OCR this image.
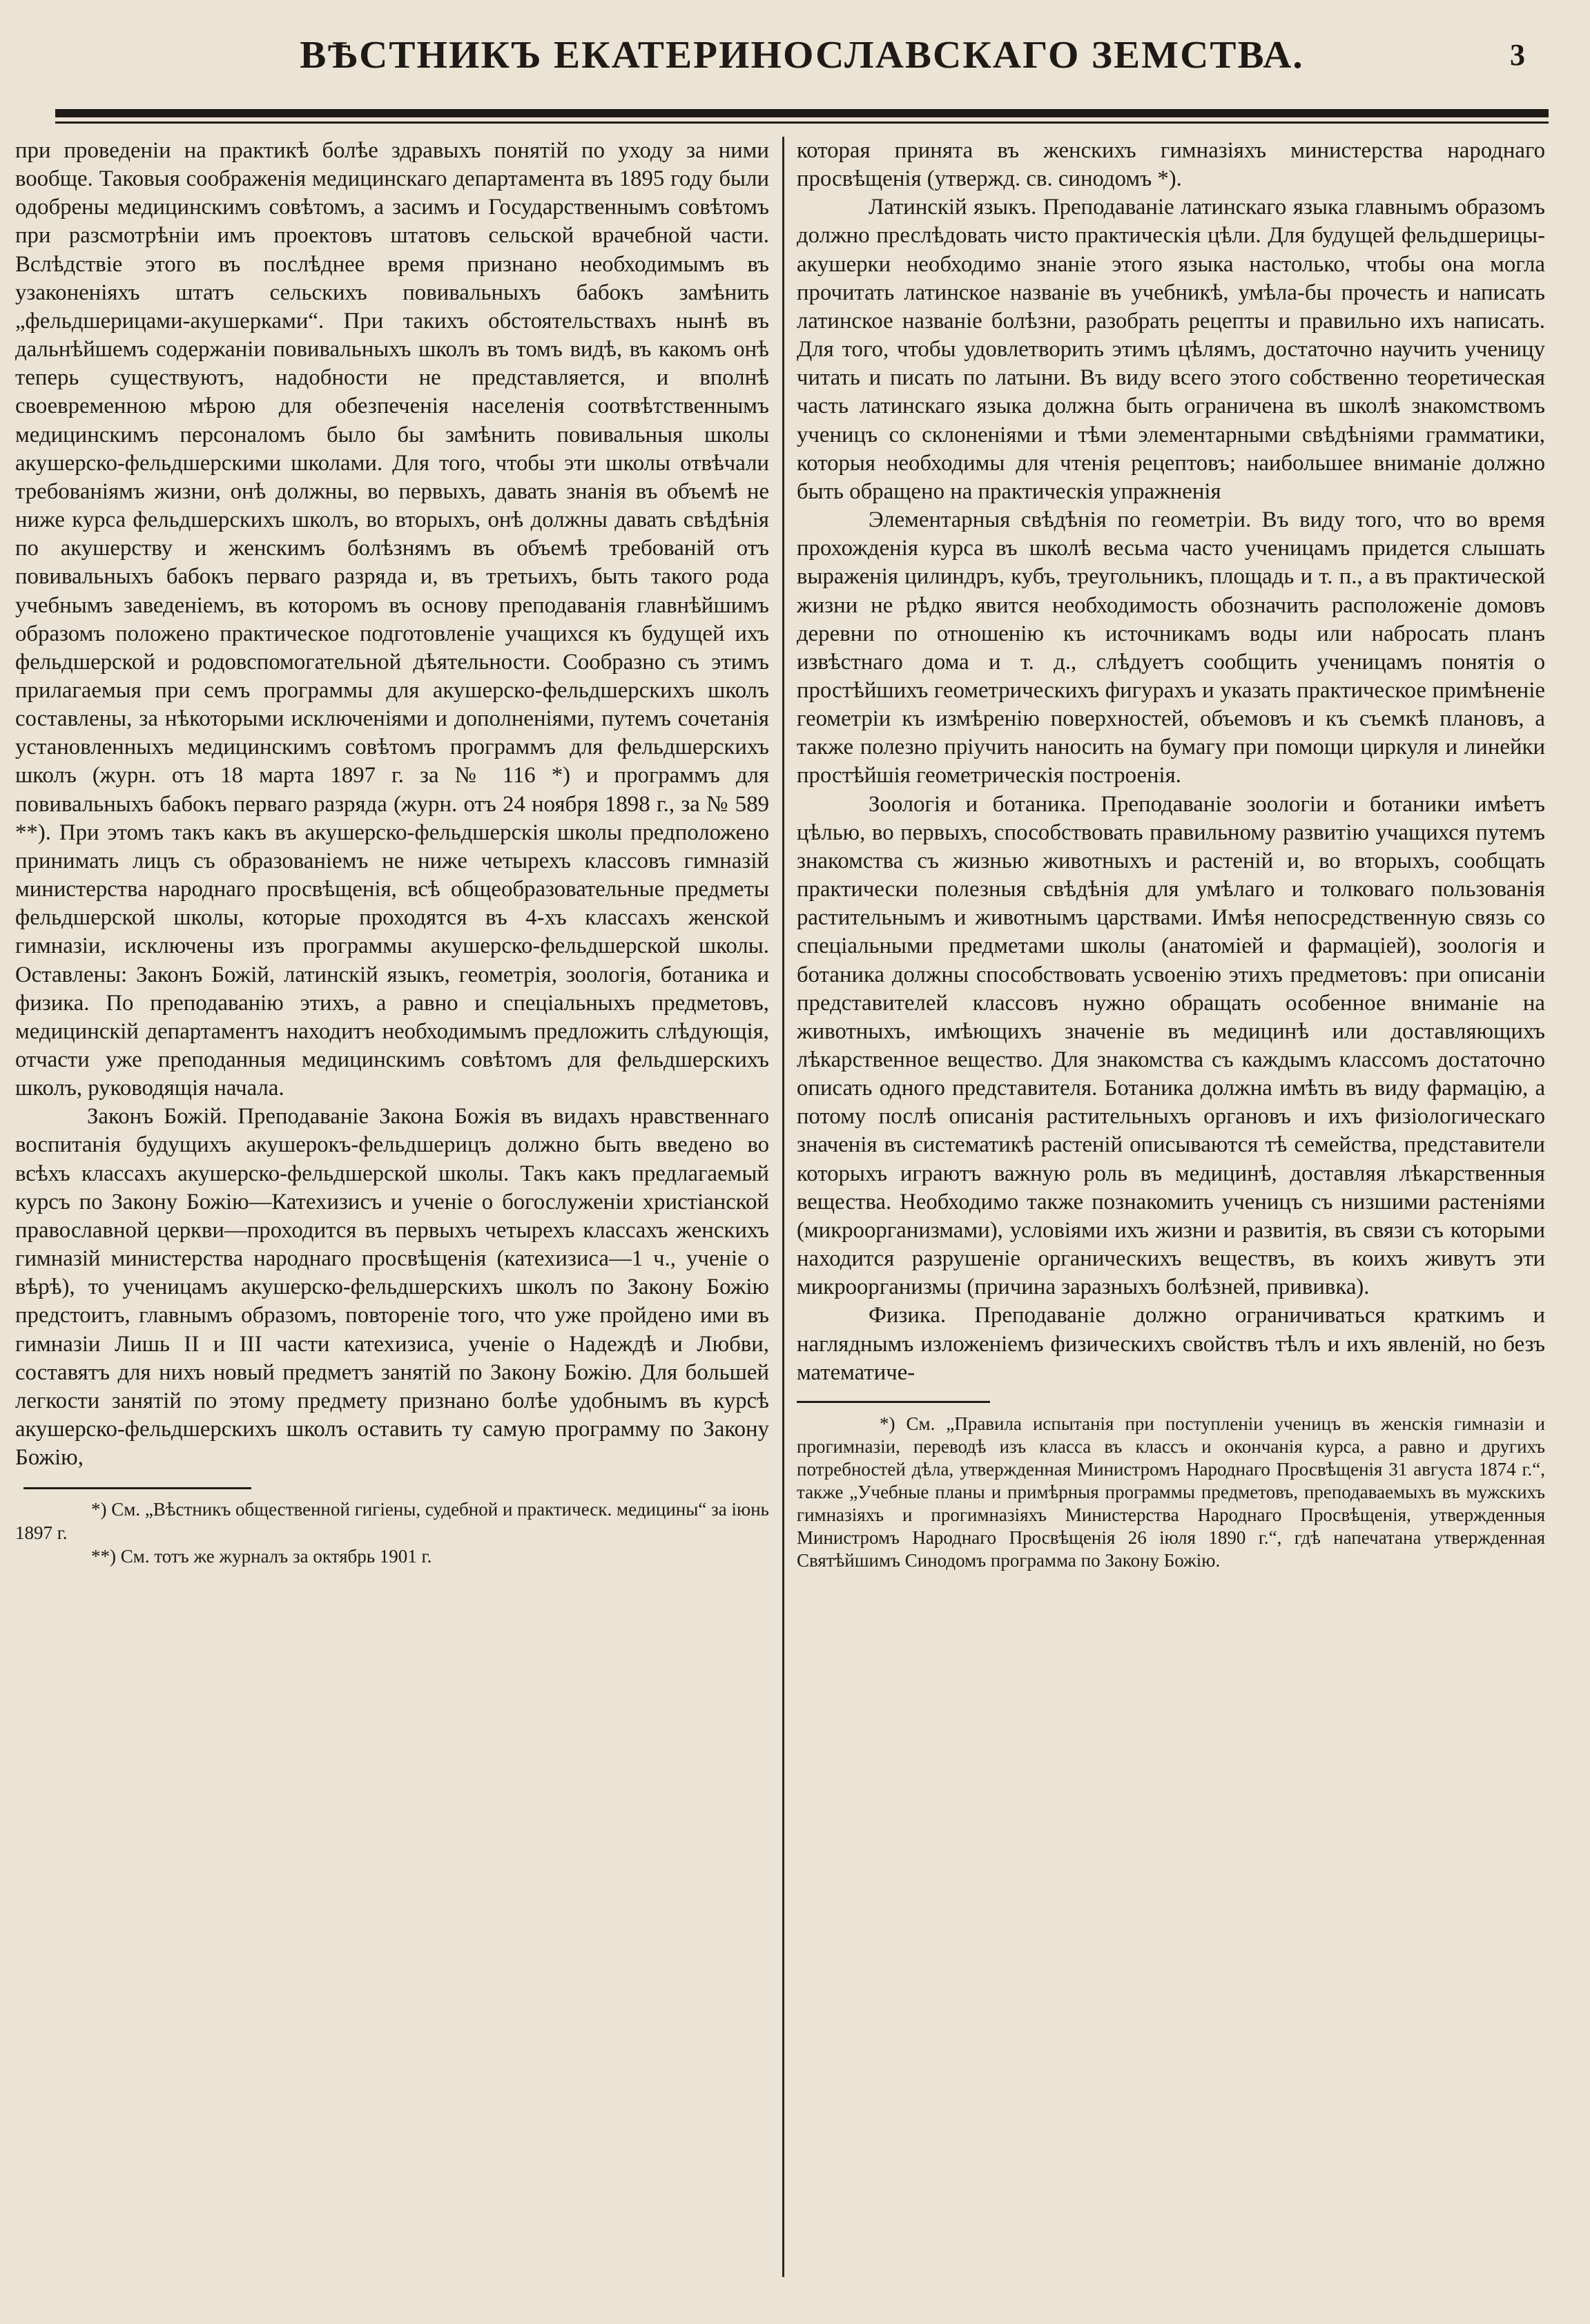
ВѢСТНИКЪ ЕКАТЕРИНОСЛАВСКАГО ЗЕМСТВА.	3

при проведенiи на практикѣ болѣе здравыхъ понятiй по уходу за ними вообще. Таковыя соображенiя медицинскаго департамента въ 1895 году были одобрены медицинскимъ совѣтомъ, а засимъ и Государственнымъ совѣтомъ при разсмотрѣнiи имъ проектовъ штатовъ сельской врачебной части. Вслѣдствiе этого въ послѣднее время признано необходимымъ въ узаконенiяхъ штатъ сельскихъ повивальныхъ бабокъ замѣнить „фельдшерицами-акушерками“. При такихъ обстоятельствахъ нынѣ въ дальнѣйшемъ содержанiи повивальныхъ школъ въ томъ видѣ, въ какомъ онѣ теперь существуютъ, надобности не представляется, и вполнѣ своевременною мѣрою для обезпеченiя населенiя соотвѣтственнымъ медицинскимъ персоналомъ было бы замѣнить повивальныя школы акушерско-фельдшерскими школами. Для того, чтобы эти школы отвѣчали требованiямъ жизни, онѣ должны, во первыхъ, давать знанiя въ объемѣ не ниже курса фельдшерскихъ школъ, во вторыхъ, онѣ должны давать свѣдѣнiя по акушерству и женскимъ болѣзнямъ въ объемѣ требованiй отъ повивальныхъ бабокъ перваго разряда и, въ третьихъ, быть такого рода учебнымъ заведенiемъ, въ которомъ въ основу преподаванiя главнѣйшимъ образомъ положено практическое подготовленiе учащихся къ будущей ихъ фельдшерской и родовспомогательной дѣятельности. Сообразно съ этимъ прилагаемыя при семъ программы для акушерско-фельдшерскихъ школъ составлены, за нѣкоторыми исключенiями и дополненiями, путемъ сочетанiя установленныхъ медицинскимъ совѣтомъ программъ для фельдшерскихъ школъ (журн. отъ 18 марта 1897 г. за № 116 *) и программъ для повивальныхъ бабокъ перваго разряда (журн. отъ 24 ноября 1898 г., за № 589 **). При этомъ такъ какъ въ акушерско-фельдшерскiя школы предположено принимать лицъ съ образованiемъ не ниже четырехъ классовъ гимназiй министерства народнаго просвѣщенiя, всѣ общеобразовательные предметы фельдшерской школы, которые проходятся въ 4-хъ классахъ женской гимназiи, исключены изъ программы акушерско-фельдшерской школы. Оставлены: Законъ Божiй, латинскiй языкъ, геометрiя, зоологiя, ботаника и физика. По преподаванiю этихъ, а равно и спецiальныхъ предметовъ, медицинскiй департаментъ находитъ необходимымъ предложить слѣдующiя, отчасти уже преподанныя медицинскимъ совѣтомъ для фельдшерскихъ школъ, руководящiя начала.

Законъ Божiй. Преподаванiе Закона Божiя въ видахъ нравственнаго воспитанiя будущихъ акушерокъ-фельдшерицъ должно быть введено во всѣхъ классахъ акушерско-фельдшерской школы. Такъ какъ предлагаемый курсъ по Закону Божiю—Катехизисъ и ученiе о богослуженiи христiанской православной церкви—проходится въ первыхъ четырехъ классахъ женскихъ гимназiй министерства народнаго просвѣщенiя (катехизиса—1 ч., ученiе о вѣрѣ), то ученицамъ акушерско-фельдшерскихъ школъ по Закону Божiю предстоитъ, главнымъ образомъ, повторенiе того, что уже пройдено ими въ гимназiи Лишь II и III части катехизиса, ученiе о Надеждѣ и Любви, составятъ для нихъ новый предметъ занятiй по Закону Божiю. Для большей легкости занятiй по этому предмету признано болѣе удобнымъ въ курсѣ акушерско-фельдшерскихъ школъ оставить ту самую программу по Закону Божiю,

*) См. „Вѣстникъ общественной гигiены, судебной и практическ. медицины“ за iюнь 1897 г.

**) См. тотъ же журналъ за октябрь 1901 г.

которая принята въ женскихъ гимназiяхъ министерства народнаго просвѣщенiя (утвержд. св. синодомъ *).

Латинскiй языкъ. Преподаванiе латинскаго языка главнымъ образомъ должно преслѣдовать чисто практическiя цѣли. Для будущей фельдшерицы-акушерки необходимо знанiе этого языка настолько, чтобы она могла прочитать латинское названiе въ учебникѣ, умѣла-бы прочесть и написать латинское названiе болѣзни, разобрать рецепты и правильно ихъ написать. Для того, чтобы удовлетворить этимъ цѣлямъ, достаточно научить ученицу читать и писать по латыни. Въ виду всего этого собственно теоретическая часть латинскаго языка должна быть ограничена въ школѣ знакомствомъ ученицъ со склоненiями и тѣми элементарными свѣдѣнiями грамматики, которыя необходимы для чтенiя рецептовъ; наибольшее вниманiе должно быть обращено на практическiя упражненiя

Элементарныя свѣдѣнiя по геометрiи. Въ виду того, что во время прохожденiя курса въ школѣ весьма часто ученицамъ придется слышать выраженiя цилиндръ, кубъ, треугольникъ, площадь и т. п., а въ практической жизни не рѣдко явится необходимость обозначить расположенiе домовъ деревни по отношенiю къ источникамъ воды или набросать планъ извѣстнаго дома и т. д., слѣдуетъ сообщить ученицамъ понятiя о простѣйшихъ геометрическихъ фигурахъ и указать практическое примѣненiе геометрiи къ измѣренiю поверхностей, объемовъ и къ съемкѣ плановъ, а также полезно прiучить наносить на бумагу при помощи циркуля и линейки простѣйшiя геометрическiя построенiя.

Зоологiя и ботаника. Преподаванiе зоологiи и ботаники имѣетъ цѣлью, во первыхъ, способствовать правильному развитiю учащихся путемъ знакомства съ жизнью животныхъ и растенiй и, во вторыхъ, сообщать практически полезныя свѣдѣнiя для умѣлаго и толковаго пользованiя растительнымъ и животнымъ царствами. Имѣя непосредственную связь со спецiальными предметами школы (анатомiей и фармацiей), зоологiя и ботаника должны способствовать усвоенiю этихъ предметовъ: при описанiи представителей классовъ нужно обращать особенное вниманiе на животныхъ, имѣющихъ значенiе въ медицинѣ или доставляющихъ лѣкарственное вещество. Для знакомства съ каждымъ классомъ достаточно описать одного представителя. Ботаника должна имѣть въ виду фармацiю, а потому послѣ описанiя растительныхъ органовъ и ихъ физiологическаго значенiя въ систематикѣ растенiй описываются тѣ семейства, представители которыхъ играютъ важную роль въ медицинѣ, доставляя лѣкарственныя вещества. Необходимо также познакомить ученицъ съ низшими растенiями (микроорганизмами), условiями ихъ жизни и развитiя, въ связи съ которыми находится разрушенiе органическихъ веществъ, въ коихъ живутъ эти микроорганизмы (причина заразныхъ болѣзней, прививка).

Физика. Преподаванiе должно ограничиваться краткимъ и нагляднымъ изложенiемъ физическихъ свойствъ тѣлъ и ихъ явленiй, но безъ математиче-

*) См. „Правила испытанiя при поступленiи ученицъ въ женскiя гимназiи и прогимназiи, переводѣ изъ класса въ классъ и окончанiя курса, а равно и другихъ потребностей дѣла, утвержденная Министромъ Народнаго Просвѣщенiя 31 августа 1874 г.“, также „Учебные планы и примѣрныя программы предметовъ, преподаваемыхъ въ мужскихъ гимназiяхъ и прогимназiяхъ Министерства Народнаго Просвѣщенiя, утвержденныя Министромъ Народнаго Просвѣщенiя 26 iюля 1890 г.“, гдѣ напечатана утвержденная Святѣйшимъ Синодомъ программа по Закону Божiю.
